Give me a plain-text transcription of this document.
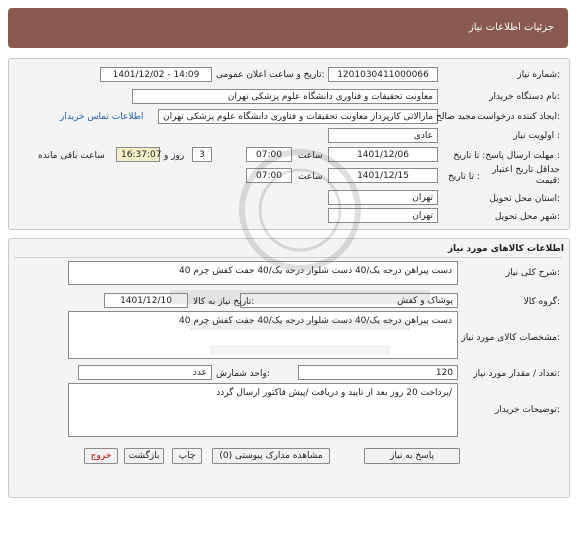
جزئیات اطلاعات نیاز
شماره نیاز:
1201030411000066
تاریخ و ساعت اعلان عمومی:
1401/12/02 - 14:09
نام دستگاه خریدار:
معاونت تحقیقات و فناوری دانشگاه علوم پزشکی تهران
ایجاد کننده درخواست:
مجید صالح مارالانی کارپرداز معاونت تحقیقات و فناوری دانشگاه علوم پزشکی تهران
اطلاعات تماس خریدار
اولویت نیاز :
عادی
مهلت ارسال پاسخ: تا تاریخ :
1401/12/06
ساعت
07:00
3
روز و
16:37:07
ساعت باقی مانده
حداقل تاریخ اعتبار
قیمت:
تا تاریخ :
1401/12/15
ساعت
07:00
استان محل تحویل:
تهران
شهر محل تحویل:
تهران
اطلاعات کالاهای مورد نیاز
شرح کلی نیاز:
40 دست پیراهن درجه یک/40 دست شلوار درجه یک/40 جفت کفش چرم
گروه کالا:
پوشاک و کفش
تاریخ نیاز به کالا:
1401/12/10
مشخصات کالای مورد نیاز:
40 دست پیراهن درجه یک/40 دست شلوار درجه یک/40 جفت کفش چرم
تعداد / مقدار مورد نیاز:
120
واحد شمارش:
عدد
توضیحات خریدار:
پرداخت 20 روز بعد از تایید و دریافت /پیش فاکتور ارسال گردد/
پاسخ به نیاز
مشاهده مدارک پیوستی (0)
چاپ
بازگشت
خروج
